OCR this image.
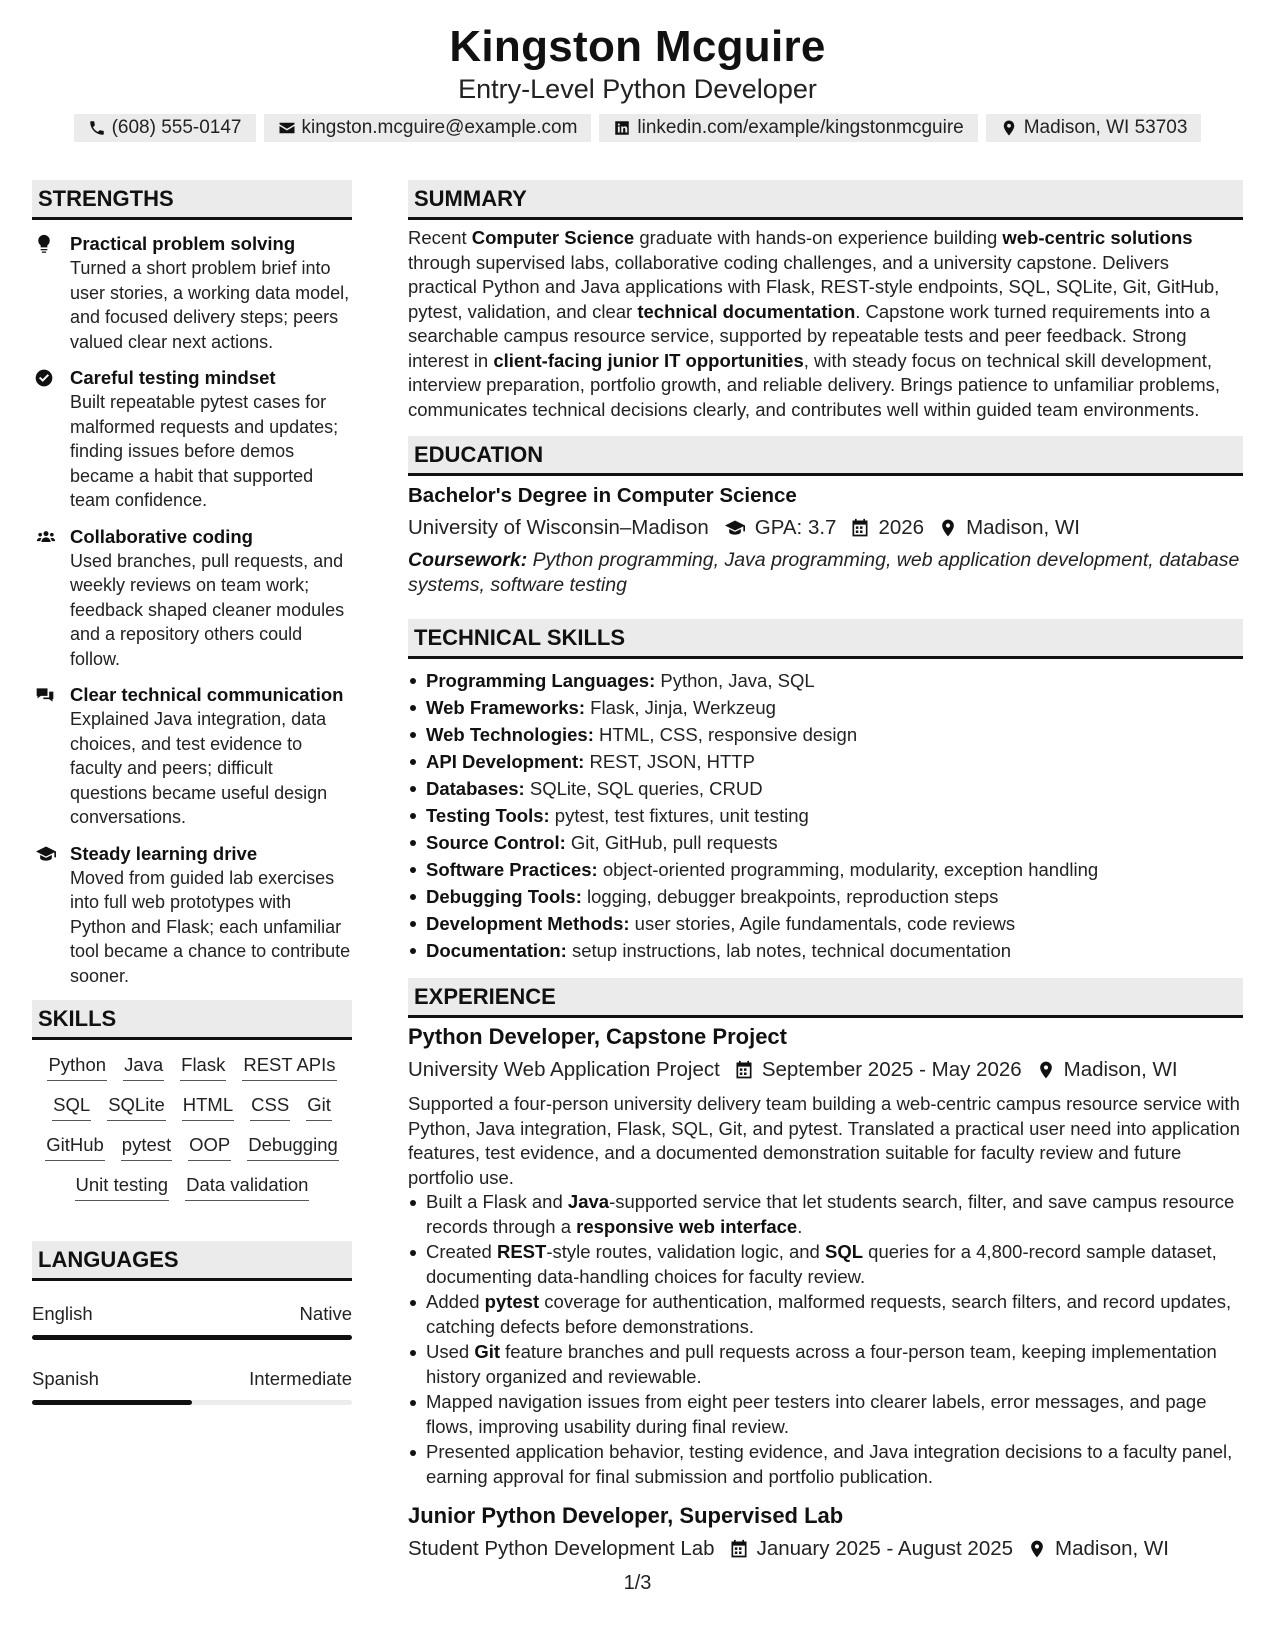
Kingston Mcguire
Entry-Level Python Developer
(608) 555-0147	kingston.mcguire@example.com	linkedin.com/example/kingstonmcguire	Madison, WI 53703
STRENGTHS
Practical problem solving
Turned a short problem brief into user stories, a working data model, and focused delivery steps; peers valued clear next actions.
Careful testing mindset
Built repeatable pytest cases for malformed requests and updates; finding issues before demos became a habit that supported team confidence.
Collaborative coding
Used branches, pull requests, and weekly reviews on team work; feedback shaped cleaner modules and a repository others could follow.
Clear technical communication
Explained Java integration, data choices, and test evidence to faculty and peers; difficult questions became useful design conversations.
Steady learning drive
Moved from guided lab exercises into full web prototypes with Python and Flask; each unfamiliar tool became a chance to contribute sooner.
SKILLS
Python Java Flask REST APIs
SQL SQLite HTML CSS Git
GitHub pytest OOP Debugging
Unit testing Data validation
LANGUAGES
English	Native
Spanish	Intermediate
SUMMARY

Recent Computer Science graduate with hands-on experience building web-centric solutions through supervised labs, collaborative coding challenges, and a university capstone. Delivers practical Python and Java applications with Flask, REST-style endpoints, SQL, SQLite, Git, GitHub, pytest, validation, and clear technical documentation. Capstone work turned requirements into a searchable campus resource service, supported by repeatable tests and peer feedback. Strong interest in client-facing junior IT opportunities, with steady focus on technical skill development, interview preparation, portfolio growth, and reliable delivery. Brings patience to unfamiliar problems, communicates technical decisions clearly, and contributes well within guided team environments.

EDUCATION
Bachelor's Degree in Computer Science
University of Wisconsin–Madison GPA: 3.7 2026 Madison, WI

Coursework: Python programming, Java programming, web application development, database systems, software testing

TECHNICAL SKILLS
Programming Languages: Python, Java, SQL
Web Frameworks: Flask, Jinja, Werkzeug
Web Technologies: HTML, CSS, responsive design
API Development: REST, JSON, HTTP
Databases: SQLite, SQL queries, CRUD
Testing Tools: pytest, test fixtures, unit testing
Source Control: Git, GitHub, pull requests
Software Practices: object-oriented programming, modularity, exception handling
Debugging Tools: logging, debugger breakpoints, reproduction steps
Development Methods: user stories, Agile fundamentals, code reviews
Documentation: setup instructions, lab notes, technical documentation
EXPERIENCE
Python Developer, Capstone Project
University Web Application Project September 2025 - May 2026 Madison, WI

Supported a four-person university delivery team building a web-centric campus resource service with Python, Java integration, Flask, SQL, Git, and pytest. Translated a practical user need into application features, test evidence, and a documented demonstration suitable for faculty review and future portfolio use.

Built a Flask and Java-supported service that let students search, filter, and save campus resource records through a responsive web interface.
Created REST-style routes, validation logic, and SQL queries for a 4,800-record sample dataset, documenting data-handling choices for faculty review.
Added pytest coverage for authentication, malformed requests, search filters, and record updates, catching defects before demonstrations.
Used Git feature branches and pull requests across a four-person team, keeping implementation history organized and reviewable.
Mapped navigation issues from eight peer testers into clearer labels, error messages, and page flows, improving usability during final review.
Presented application behavior, testing evidence, and Java integration decisions to a faculty panel, earning approval for final submission and portfolio publication.
Junior Python Developer, Supervised Lab
Student Python Development Lab January 2025 - August 2025 Madison, WI
1/3
